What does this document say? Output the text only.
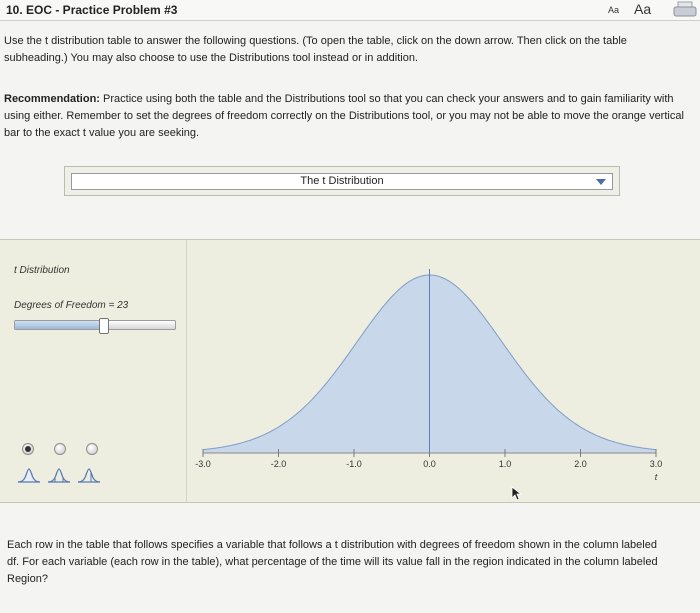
10. EOC - Practice Problem #3	Aa Aa
Use the t distribution table to answer the following questions. (To open the table, click on the down arrow. Then click on the table subheading.) You may also choose to use the Distributions tool instead or in addition.
Recommendation: Practice using both the table and the Distributions tool so that you can check your answers and to gain familiarity with using either. Remember to set the degrees of freedom correctly on the Distributions tool, or you may not be able to move the orange vertical bar to the exact t value you are seeking.
The t Distribution
t Distribution
Degrees of Freedom = 23
-3.0	-2.0	-1.0	0.0	1.0	2.0	3.0
t
Each row in the table that follows specifies a variable that follows a t distribution with degrees of freedom shown in the column labeled df. For each variable (each row in the table), what percentage of the time will its value fall in the region indicated in the column labeled Region?
